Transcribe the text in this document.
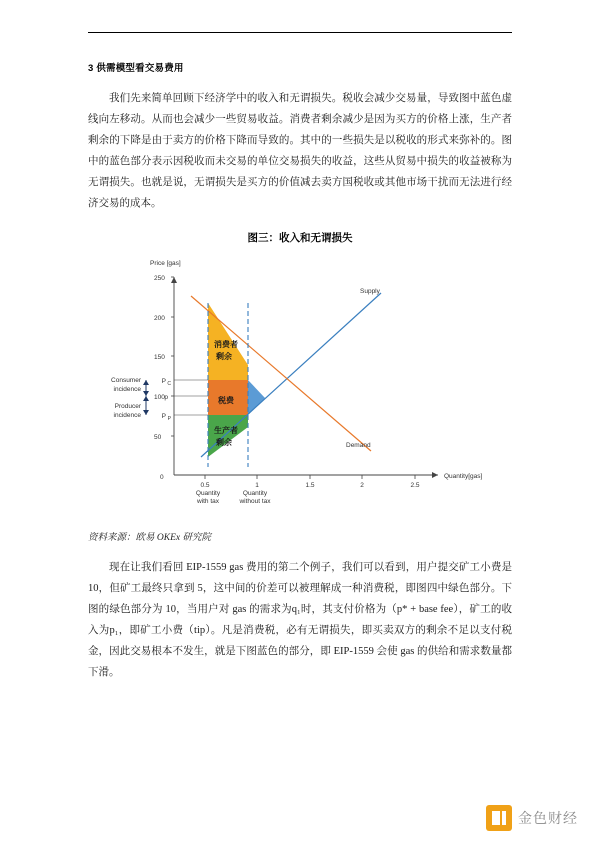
3 供需模型看交易费用

我们先来简单回顾下经济学中的收入和无谓损失。税收会减少交易量，导致图中蓝色虚线向左移动。从而也会减少一些贸易收益。消费者剩余减少是因为买方的价格上涨，生产者剩余的下降是由于卖方的价格下降而导致的。其中的一些损失是以税收的形式来弥补的。图中的蓝色部分表示因税收而未交易的单位交易损失的收益，这些从贸易中损失的收益被称为无谓损失。也就是说，无谓损失是买方的价值减去卖方国税收或其他市场干扰而无法进行经济交易的成本。

图三：收入和无谓损失
Price [gas]
250
200
150
100
50
0
0.5	1	1.5	2	2.5
Supply
Demand
P C
p
P P
Consumer
incidence
Producer
incidence
消费者
剩余
税费
生产者
剩余
Quantity
with tax
Quantity
without tax
Quantity[gas]
资料来源：欧易 OKEx 研究院

现在让我们看回 EIP-1559 gas 费用的第二个例子，我们可以看到，用户提交矿工小费是 10，但矿工最终只拿到 5，这中间的价差可以被理解成一种消费税，即图四中绿色部分。下图的绿色部分为 10，当用户对 gas 的需求为q₁时，其支付价格为（p* + base fee），矿工的收入为p₁，即矿工小费（tip）。凡是消费税，必有无谓损失，即买卖双方的剩余不足以支付税金，因此交易根本不发生，就是下图蓝色的部分，即 EIP-1559 会使 gas 的供给和需求数量都下滑。

金色财经
